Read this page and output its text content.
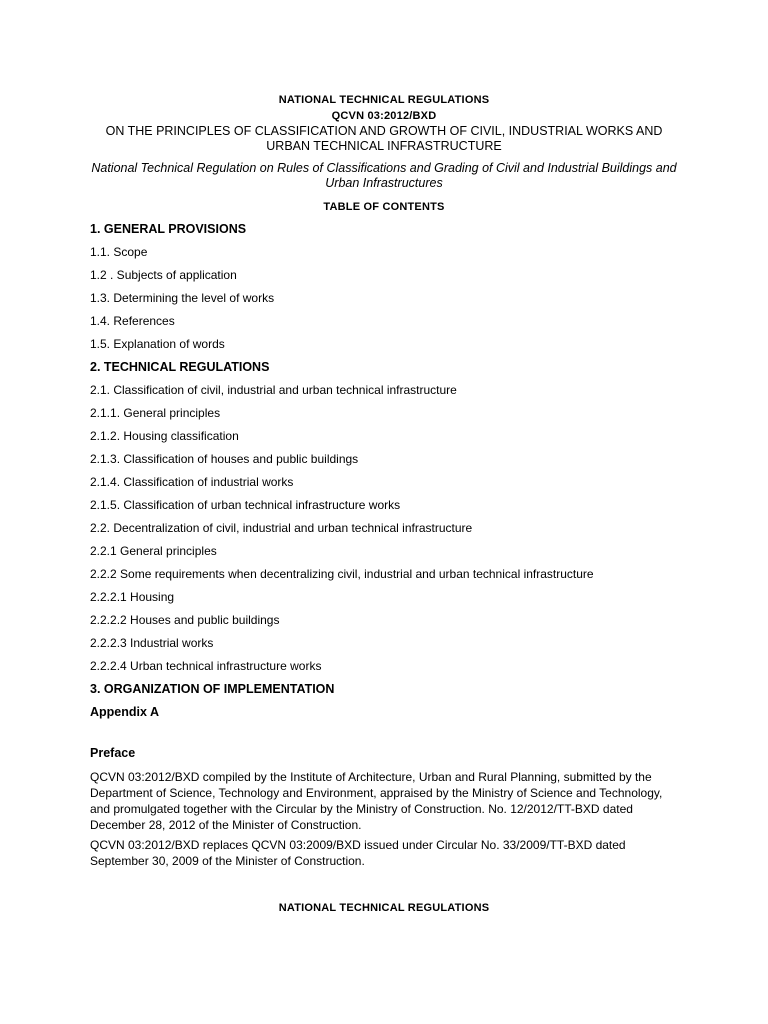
NATIONAL TECHNICAL REGULATIONS
QCVN 03:2012/BXD
ON THE PRINCIPLES OF CLASSIFICATION AND GROWTH OF CIVIL, INDUSTRIAL WORKS AND URBAN TECHNICAL INFRASTRUCTURE
National Technical Regulation on Rules of Classifications and Grading of Civil and Industrial Buildings and Urban Infrastructures
TABLE OF CONTENTS
1. GENERAL PROVISIONS
1.1. Scope
1.2 . Subjects of application
1.3. Determining the level of works
1.4. References
1.5. Explanation of words
2. TECHNICAL REGULATIONS
2.1. Classification of civil, industrial and urban technical infrastructure
2.1.1. General principles
2.1.2. Housing classification
2.1.3. Classification of houses and public buildings
2.1.4. Classification of industrial works
2.1.5. Classification of urban technical infrastructure works
2.2. Decentralization of civil, industrial and urban technical infrastructure
2.2.1 General principles
2.2.2 Some requirements when decentralizing civil, industrial and urban technical infrastructure
2.2.2.1 Housing
2.2.2.2 Houses and public buildings
2.2.2.3 Industrial works
2.2.2.4 Urban technical infrastructure works
3. ORGANIZATION OF IMPLEMENTATION
Appendix A
Preface

QCVN 03:2012/BXD compiled by the Institute of Architecture, Urban and Rural Planning, submitted by the Department of Science, Technology and Environment, appraised by the Ministry of Science and Technology, and promulgated together with the Circular by the Ministry of Construction. No. 12/2012/TT-BXD dated December 28, 2012 of the Minister of Construction.

QCVN 03:2012/BXD replaces QCVN 03:2009/BXD issued under Circular No. 33/2009/TT-BXD dated September 30, 2009 of the Minister of Construction.

NATIONAL TECHNICAL REGULATIONS
